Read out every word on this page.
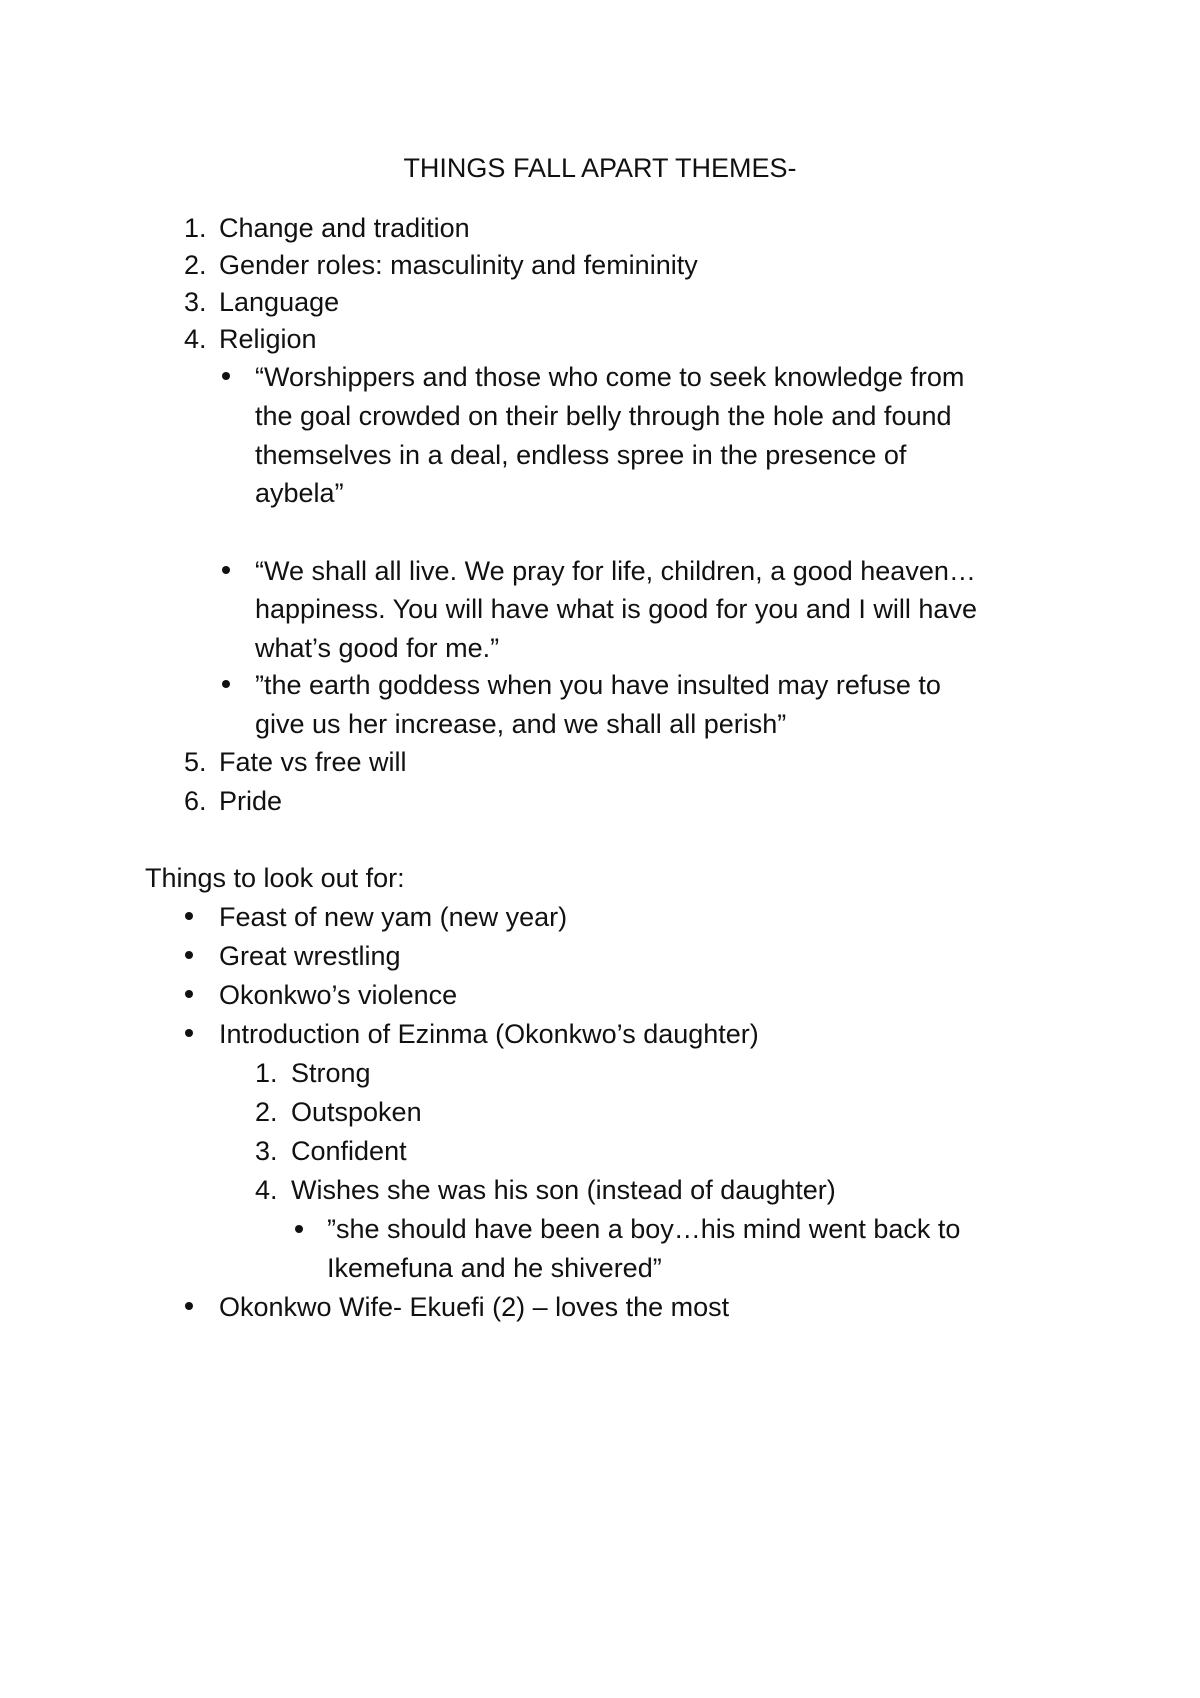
THINGS FALL APART THEMES-
1. Change and tradition
2. Gender roles: masculinity and femininity
3. Language
4. Religion
“Worshippers and those who come to seek knowledge from
the goal crowded on their belly through the hole and found
themselves in a deal, endless spree in the presence of
aybela”
“We shall all live. We pray for life, children, a good heaven…
happiness. You will have what is good for you and I will have
what’s good for me.”
”the earth goddess when you have insulted may refuse to
give us her increase, and we shall all perish”
5. Fate vs free will
6. Pride
Things to look out for:
Feast of new yam (new year)
Great wrestling
Okonkwo’s violence
Introduction of Ezinma (Okonkwo’s daughter)
1. Strong
2. Outspoken
3. Confident
4. Wishes she was his son (instead of daughter)
”she should have been a boy…his mind went back to
Ikemefuna and he shivered”
Okonkwo Wife- Ekuefi (2) – loves the most
